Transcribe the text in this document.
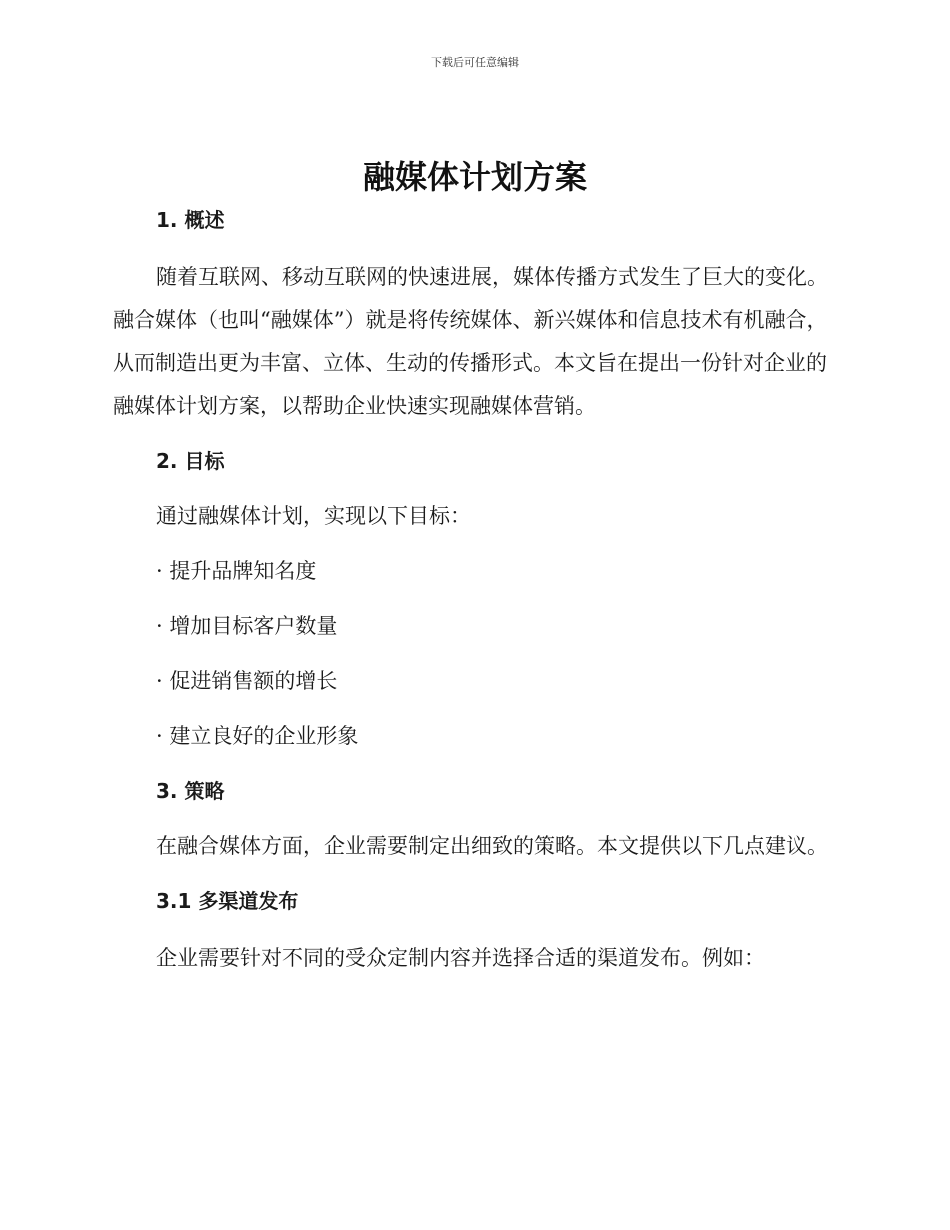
下载后可任意编辑
融媒体计划方案
1. 概述

随着互联网、移动互联网的快速进展，媒体传播方式发生了巨大的变化。融合媒体（也叫“融媒体”）就是将传统媒体、新兴媒体和信息技术有机融合，从而制造出更为丰富、立体、生动的传播形式。本文旨在提出一份针对企业的融媒体计划方案，以帮助企业快速实现融媒体营销。

2. 目标
通过融媒体计划，实现以下目标：
· 提升品牌知名度
· 增加目标客户数量
· 促进销售额的增长
· 建立良好的企业形象
3. 策略

在融合媒体方面，企业需要制定出细致的策略。本文提供以下几点建议。

3.1 多渠道发布

企业需要针对不同的受众定制内容并选择合适的渠道发布。例如：
